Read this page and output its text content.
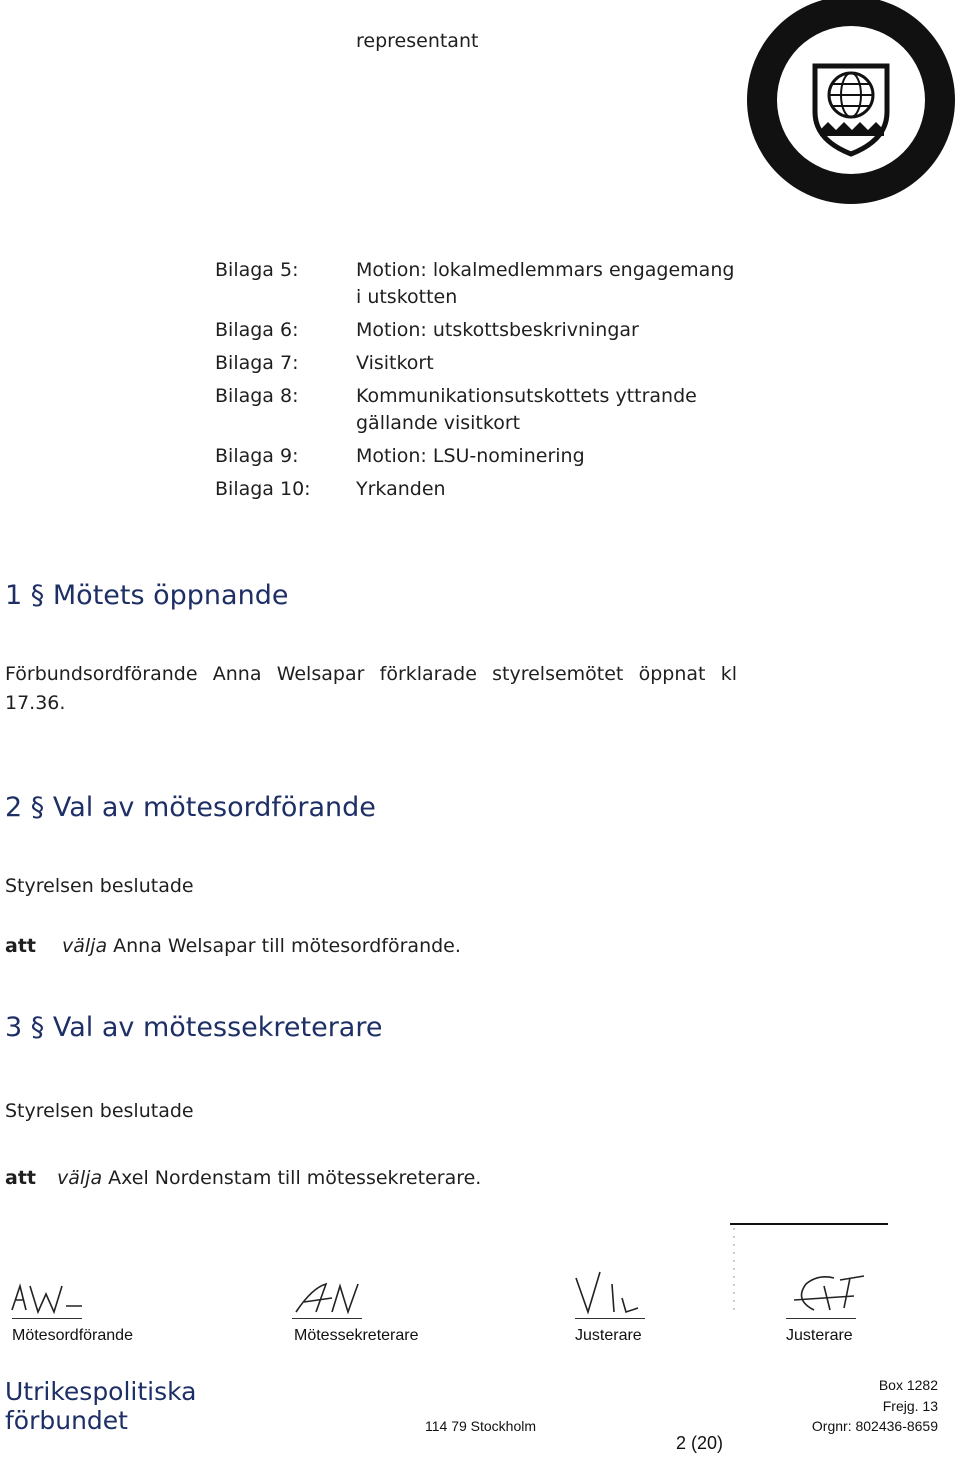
representant
Bilaga 5:	Motion: lokalmedlemmars engagemang
i utskotten
Bilaga 6:	Motion: utskottsbeskrivningar
Bilaga 7:	Visitkort
Bilaga 8:	Kommunikationsutskottets yttrande
gällande visitkort
Bilaga 9:	Motion: LSU-nominering
Bilaga 10: Yrkanden
1 § Mötets öppnande
Förbundsordförande Anna Welsapar förklarade styrelsemötet öppnat kl
17.36.
2 § Val av mötesordförande
Styrelsen beslutade
att välja Anna Welsapar till mötesordförande.
3 § Val av mötessekreterare
Styrelsen beslutade
att välja Axel Nordenstam till mötessekreterare.
Mötesordförande	Mötessekreterare	Justerare	Justerare
Utrikespolitiska
förbundet	114 79 Stockholm
2 (20)
Box 1282
Frejg. 13
Orgnr: 802436-8659
